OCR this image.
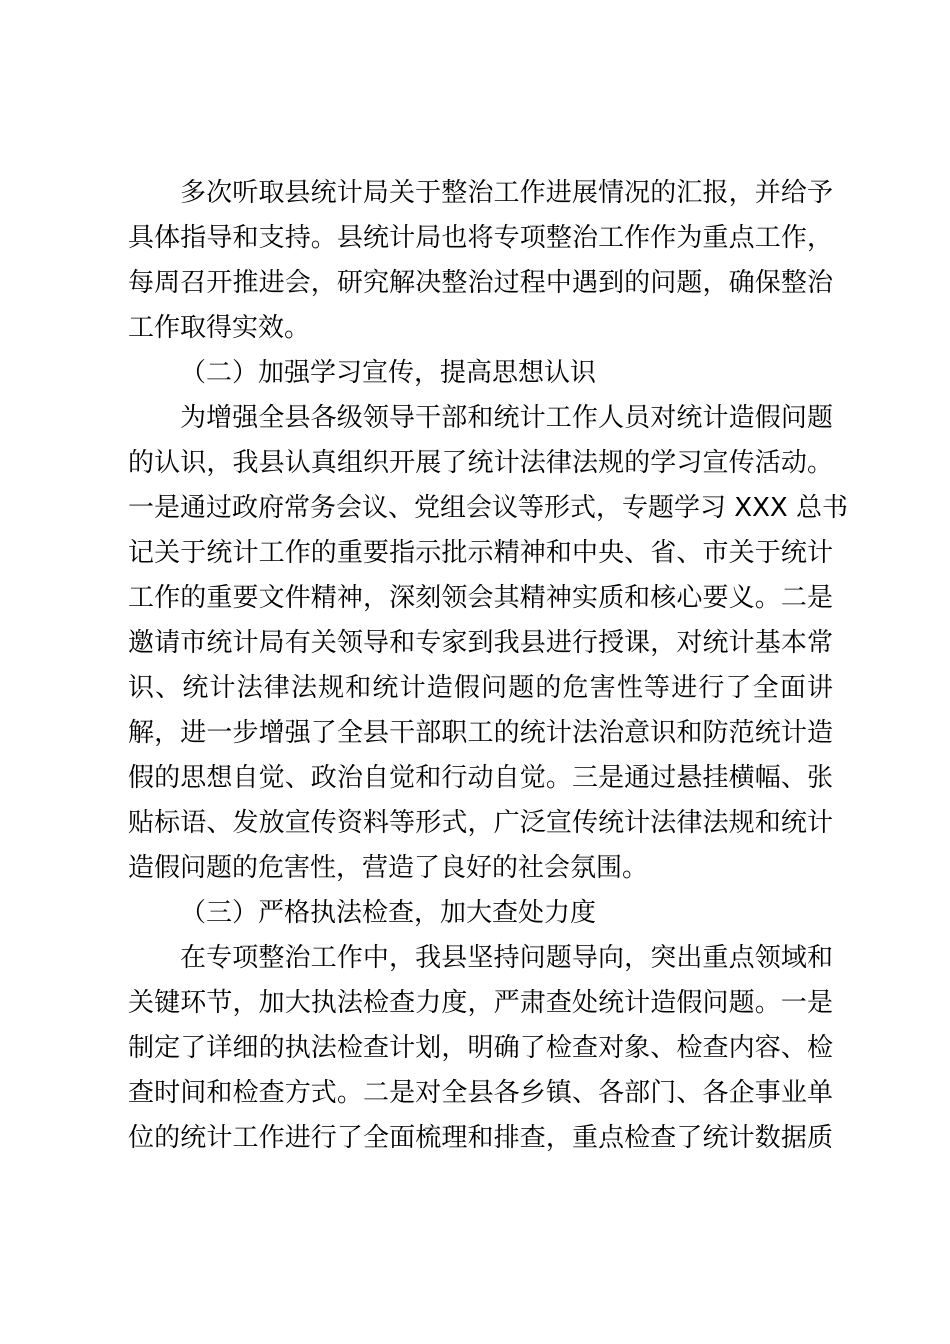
多次听取县统计局关于整治工作进展情况的汇报，并给予
具体指导和支持。县统计局也将专项整治工作作为重点工作，
每周召开推进会，研究解决整治过程中遇到的问题，确保整治
工作取得实效。
（二）加强学习宣传，提高思想认识
为增强全县各级领导干部和统计工作人员对统计造假问题
的认识，我县认真组织开展了统计法律法规的学习宣传活动。
一是通过政府常务会议、党组会议等形式，专题学习 XXX 总书
记关于统计工作的重要指示批示精神和中央、省、市关于统计
工作的重要文件精神，深刻领会其精神实质和核心要义。二是
邀请市统计局有关领导和专家到我县进行授课，对统计基本常
识、统计法律法规和统计造假问题的危害性等进行了全面讲
解，进一步增强了全县干部职工的统计法治意识和防范统计造
假的思想自觉、政治自觉和行动自觉。三是通过悬挂横幅、张
贴标语、发放宣传资料等形式，广泛宣传统计法律法规和统计
造假问题的危害性，营造了良好的社会氛围。
（三）严格执法检查，加大查处力度
在专项整治工作中，我县坚持问题导向，突出重点领域和
关键环节，加大执法检查力度，严肃查处统计造假问题。一是
制定了详细的执法检查计划，明确了检查对象、检查内容、检
查时间和检查方式。二是对全县各乡镇、各部门、各企事业单
位的统计工作进行了全面梳理和排查，重点检查了统计数据质
